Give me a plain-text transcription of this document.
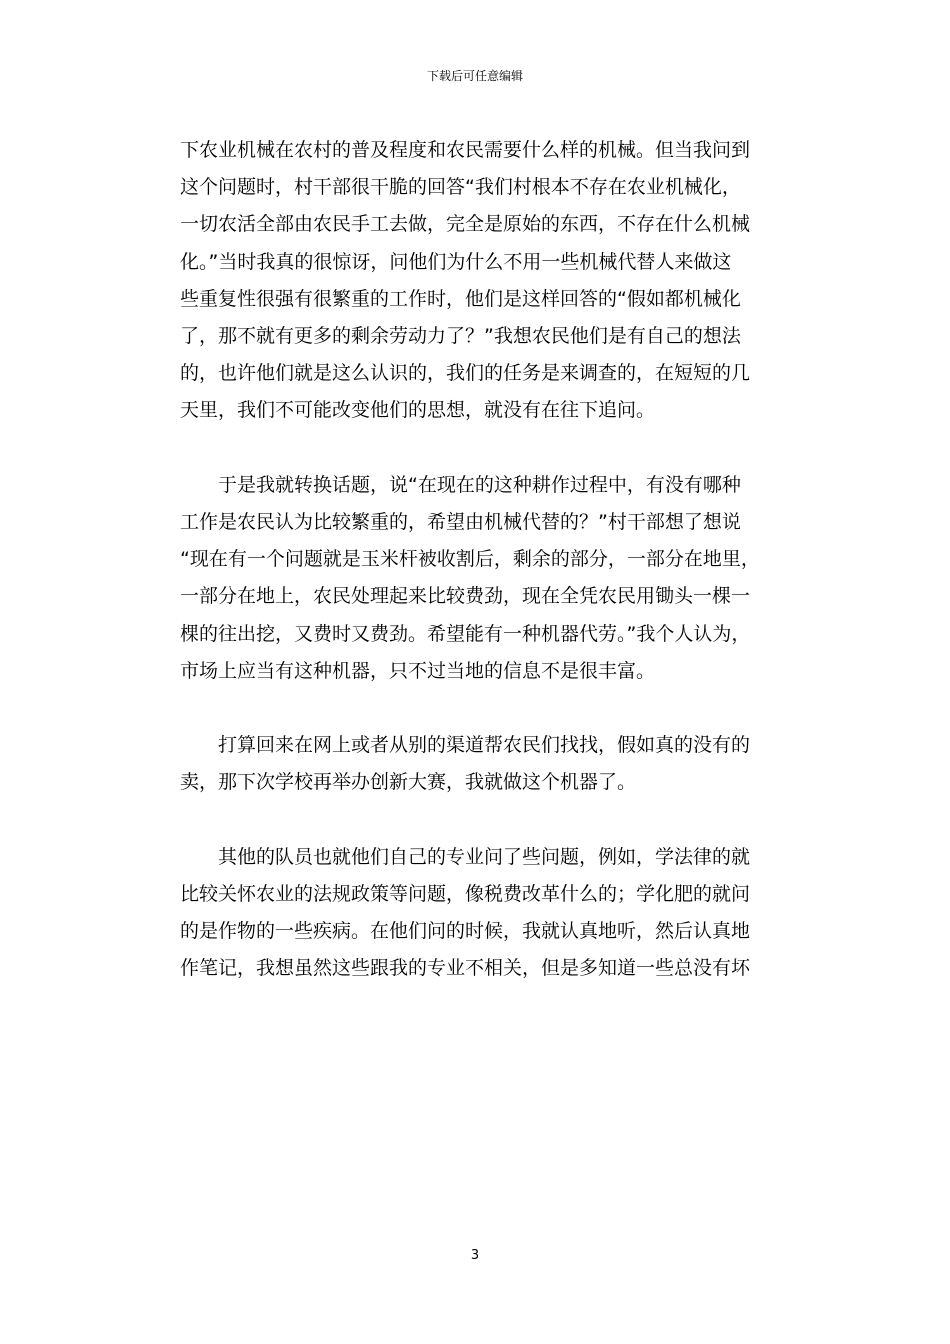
下载后可任意编辑

下农业机械在农村的普及程度和农民需要什么样的机械。但当我问到
这个问题时，村干部很干脆的回答“我们村根本不存在农业机械化，
一切农活全部由农民手工去做，完全是原始的东西，不存在什么机械
化。”当时我真的很惊讶，问他们为什么不用一些机械代替人来做这
些重复性很强有很繁重的工作时，他们是这样回答的“假如都机械化
了，那不就有更多的剩余劳动力了？”我想农民他们是有自己的想法
的，也许他们就是这么认识的，我们的任务是来调查的，在短短的几
天里，我们不可能改变他们的思想，就没有在往下追问。

于是我就转换话题，说“在现在的这种耕作过程中，有没有哪种
工作是农民认为比较繁重的，希望由机械代替的？”村干部想了想说
“现在有一个问题就是玉米杆被收割后，剩余的部分，一部分在地里，
一部分在地上，农民处理起来比较费劲，现在全凭农民用锄头一棵一
棵的往出挖，又费时又费劲。希望能有一种机器代劳。”我个人认为，
市场上应当有这种机器，只不过当地的信息不是很丰富。

打算回来在网上或者从别的渠道帮农民们找找，假如真的没有的
卖，那下次学校再举办创新大赛，我就做这个机器了。

其他的队员也就他们自己的专业问了些问题，例如，学法律的就
比较关怀农业的法规政策等问题，像税费改革什么的；学化肥的就问
的是作物的一些疾病。在他们问的时候，我就认真地听，然后认真地
作笔记，我想虽然这些跟我的专业不相关，但是多知道一些总没有坏

3
